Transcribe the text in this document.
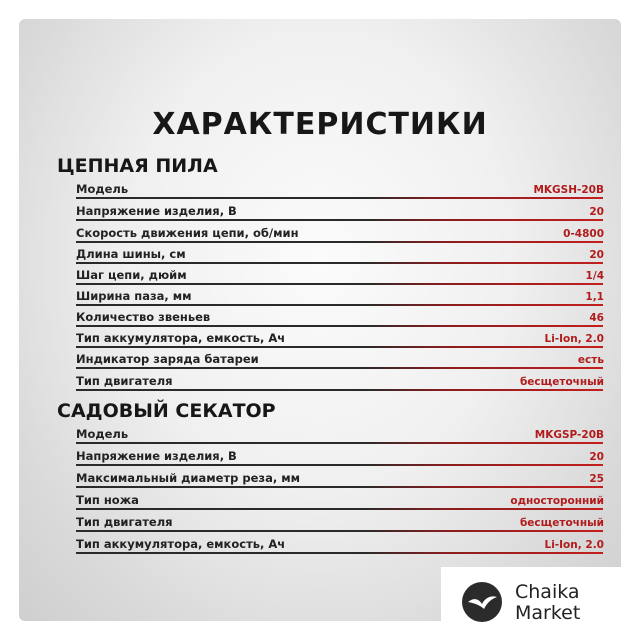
ХАРАКТЕРИСТИКИ
ЦЕПНАЯ ПИЛА
Модель	MKGSH-20B
Напряжение изделия, В	20
Скорость движения цепи, об/мин	0-4800
Длина шины, см	20
Шаг цепи, дюйм	1/4
Ширина паза, мм	1,1
Количество звеньев	46
Тип аккумулятора, емкость, Ач	Li-Ion, 2.0
Индикатор заряда батареи	есть
Тип двигателя	бесщеточный
САДОВЫЙ СЕКАТОР
Модель	MKGSP-20B
Напряжение изделия, В	20
Максимальный диаметр реза, мм	25
Тип ножа	односторонний
Тип двигателя	бесщеточный
Тип аккумулятора, емкость, Ач	Li-Ion, 2.0
Chaika
Market
